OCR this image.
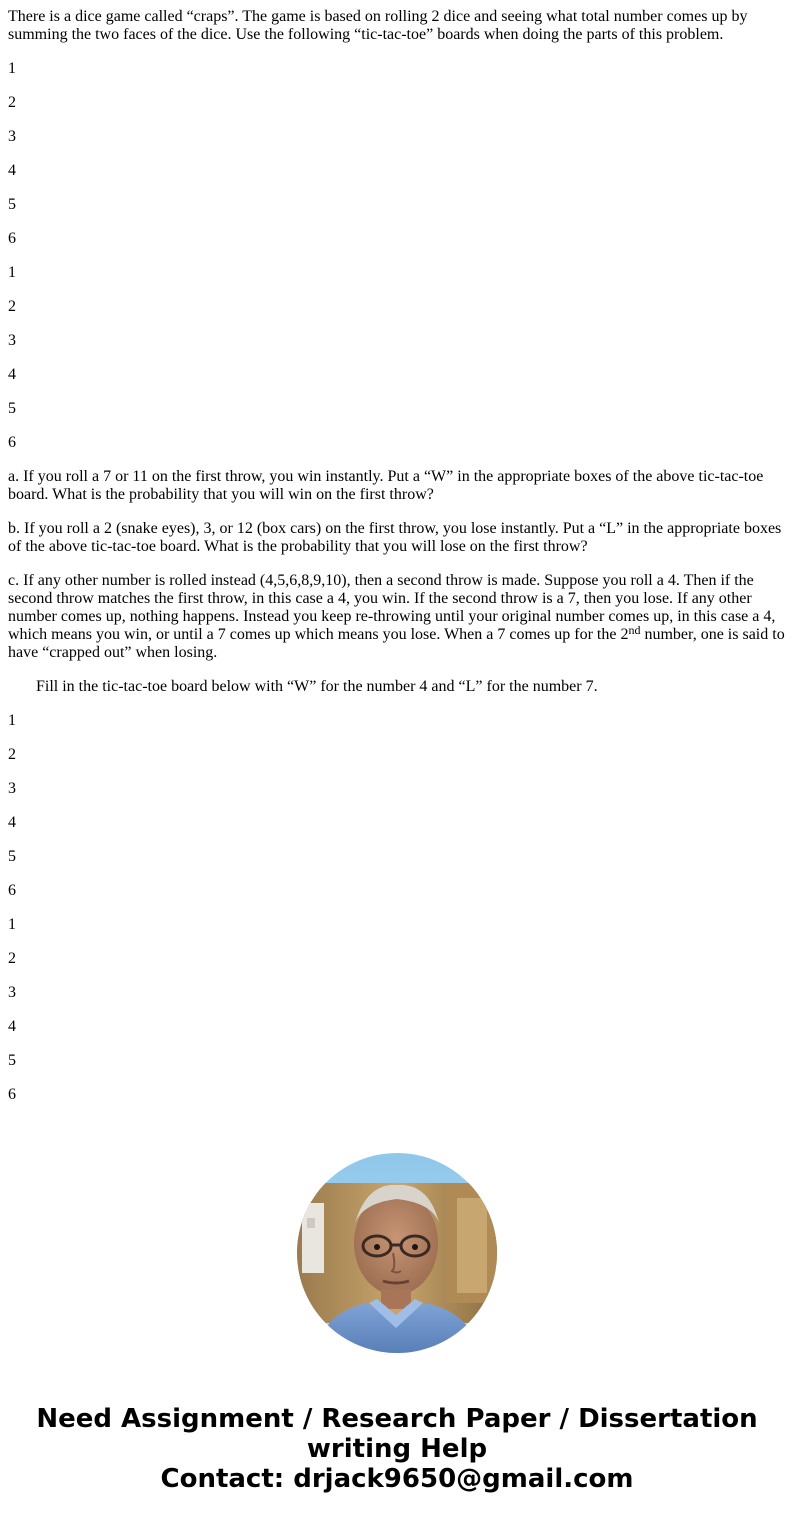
There is a dice game called “craps”. The game is based on rolling 2 dice and seeing what total number comes up by summing the two faces of the dice. Use the following “tic-tac-toe” boards when doing the parts of this problem.

1

2

3

4

5

6

1

2

3

4

5

6

a. If you roll a 7 or 11 on the first throw, you win instantly. Put a “W” in the appropriate boxes of the above tic-tac-toe board. What is the probability that you will win on the first throw?

b. If you roll a 2 (snake eyes), 3, or 12 (box cars) on the first throw, you lose instantly. Put a “L” in the appropriate boxes of the above tic-tac-toe board. What is the probability that you will lose on the first throw?

c. If any other number is rolled instead (4,5,6,8,9,10), then a second throw is made. Suppose you roll a 4. Then if the second throw matches the first throw, in this case a 4, you win. If the second throw is a 7, then you lose. If any other number comes up, nothing happens. Instead you keep re-throwing until your original number comes up, in this case a 4, which means you win, or until a 7 comes up which means you lose. When a 7 comes up for the 2nd number, one is said to have “crapped out” when losing.

Fill in the tic-tac-toe board below with “W” for the number 4 and “L” for the number 7.

1

2

3

4

5

6

1

2

3

4

5

6

Need Assignment / Research Paper / Dissertation
writing Help
Contact: drjack9650@gmail.com
